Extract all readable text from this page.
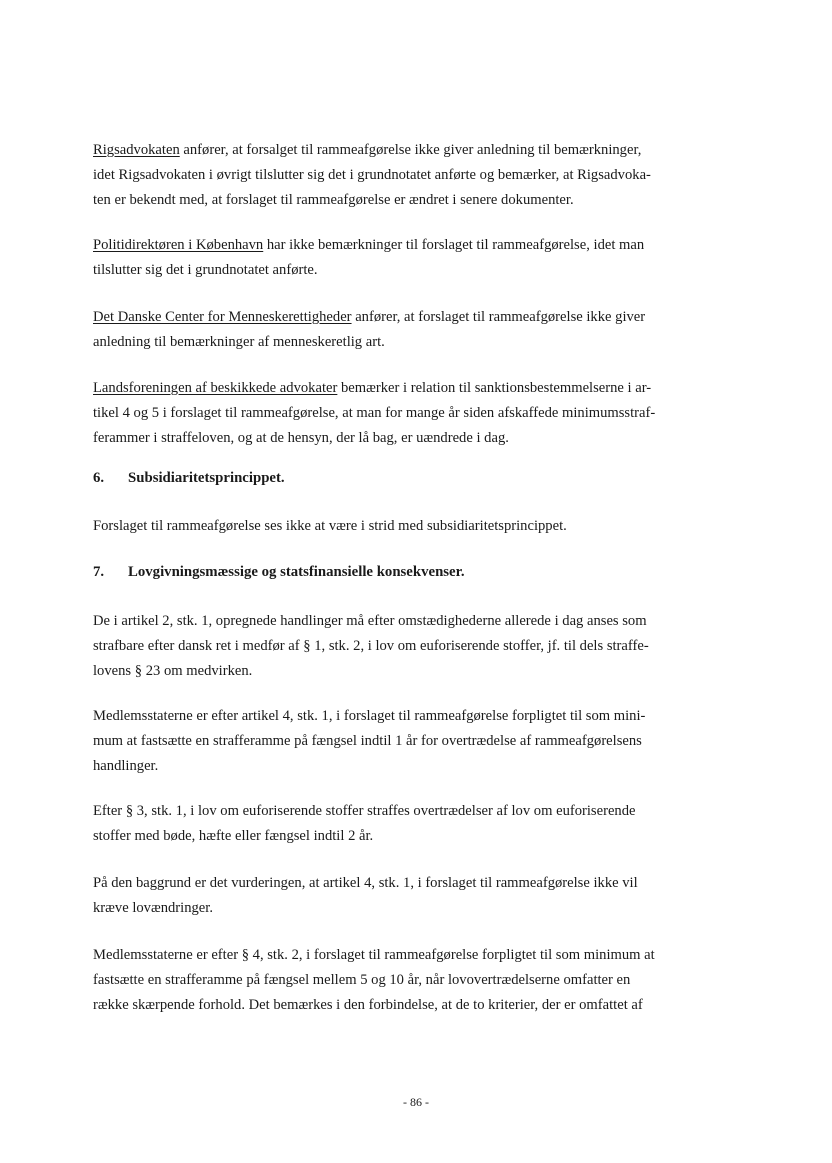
Rigsadvokaten anfører, at forsalget til rammeafgørelse ikke giver anledning til bemærkninger,
idet Rigsadvokaten i øvrigt tilslutter sig det i grundnotatet anførte og bemærker, at Rigsadvoka-
ten er bekendt med, at forslaget til rammeafgørelse er ændret i senere dokumenter.

Politidirektøren i København har ikke bemærkninger til forslaget til rammeafgørelse, idet man
tilslutter sig det i grundnotatet anførte.

Det Danske Center for Menneskerettigheder anfører, at forslaget til rammeafgørelse ikke giver
anledning til bemærkninger af menneskeretlig art.

Landsforeningen af beskikkede advokater bemærker i relation til sanktionsbestemmelserne i ar-
tikel 4 og 5 i forslaget til rammeafgørelse, at man for mange år siden afskaffede minimumsstraf-
ferammer i straffeloven, og at de hensyn, der lå bag, er uændrede i dag.

6. Subsidiaritetsprincippet.

Forslaget til rammeafgørelse ses ikke at være i strid med subsidiaritetsprincippet.

7. Lovgivningsmæssige og statsfinansielle konsekvenser.

De i artikel 2, stk. 1, opregnede handlinger må efter omstædighederne allerede i dag anses som
strafbare efter dansk ret i medfør af § 1, stk. 2, i lov om euforiserende stoffer, jf. til dels straffe-
lovens § 23 om medvirken.

Medlemsstaterne er efter artikel 4, stk. 1, i forslaget til rammeafgørelse forpligtet til som mini-
mum at fastsætte en strafferamme på fængsel indtil 1 år for overtrædelse af rammeafgørelsens
handlinger.

Efter § 3, stk. 1, i lov om euforiserende stoffer straffes overtrædelser af lov om euforiserende
stoffer med bøde, hæfte eller fængsel indtil 2 år.

På den baggrund er det vurderingen, at artikel 4, stk. 1, i forslaget til rammeafgørelse ikke vil
kræve lovændringer.

Medlemsstaterne er efter § 4, stk. 2, i forslaget til rammeafgørelse forpligtet til som minimum at
fastsætte en strafferamme på fængsel mellem 5 og 10 år, når lovovertrædelserne omfatter en
række skærpende forhold. Det bemærkes i den forbindelse, at de to kriterier, der er omfattet af

- 86 -
